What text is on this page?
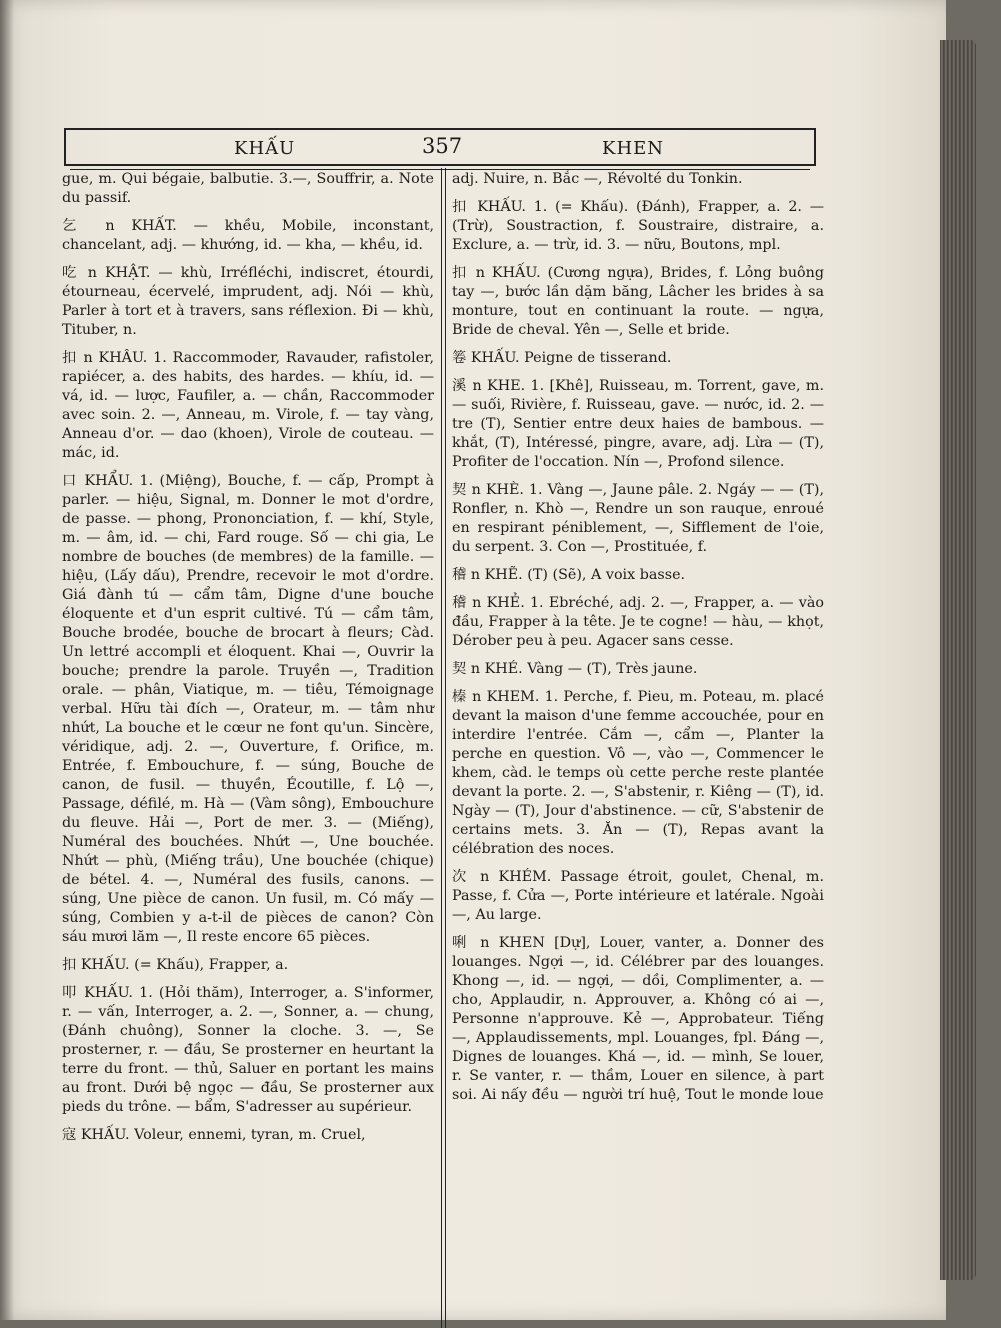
KHẤU	357	KHEN
gue, m. Qui bégaie, balbutie. 3.—, Souffrir, a. Note du passif.
乞 n KHẤT. — khều, Mobile, inconstant, chancelant, adj. — khướng, id. — kha, — khều, id.
吃 n KHẬT. — khù, Irréfléchi, indiscret, étourdi, étourneau, écervelé, imprudent, adj. Nói — khù, Parler à tort et à travers, sans réflexion. Đi — khù, Tituber, n.
扣 n KHÂU. 1. Raccommoder, Ravauder, rafistoler, rapiécer, a. des habits, des hardes. — khíu, id. — vá, id. — lược, Faufiler, a. — chần, Raccommoder avec soin. 2. —, Anneau, m. Virole, f. — tay vàng, Anneau d'or. — dao (khoen), Virole de couteau. — mác, id.
口 KHẨU. 1. (Miệng), Bouche, f. — cấp, Prompt à parler. — hiệu, Signal, m. Donner le mot d'ordre, de passe. — phong, Prononciation, f. — khí, Style, m. — âm, id. — chi, Fard rouge. Số — chi gia, Le nombre de bouches (de membres) de la famille. — hiệu, (Lấy dấu), Prendre, recevoir le mot d'ordre. Giá đành tú — cẩm tâm, Digne d'une bouche éloquente et d'un esprit cultivé. Tú — cẩm tâm, Bouche brodée, bouche de brocart à fleurs; Càd. Un lettré accompli et éloquent. Khai —, Ouvrir la bouche; prendre la parole. Truyền —, Tradition orale. — phân, Viatique, m. — tiêu, Témoignage verbal. Hữu tài đích —, Orateur, m. — tâm như nhứt, La bouche et le cœur ne font qu'un. Sincère, véridique, adj. 2. —, Ouverture, f. Orifice, m. Entrée, f. Embouchure, f. — súng, Bouche de canon, de fusil. — thuyền, Écoutille, f. Lộ —, Passage, défilé, m. Hà — (Vàm sông), Embouchure du fleuve. Hải —, Port de mer. 3. — (Miếng), Numéral des bouchées. Nhứt —, Une bouchée. Nhứt — phù, (Miếng trầu), Une bouchée (chique) de bétel. 4. —, Numéral des fusils, canons. — súng, Une pièce de canon. Un fusil, m. Có mấy — súng, Combien y a-t-il de pièces de canon? Còn sáu mươi lăm —, Il reste encore 65 pièces.
扣 KHẤU. (= Khấu), Frapper, a.
叩 KHẤU. 1. (Hỏi thăm), Interroger, a. S'informer, r. — vấn, Interroger, a. 2. —, Sonner, a. — chung, (Đánh chuông), Sonner la cloche. 3. —, Se prosterner, r. — đầu, Se prosterner en heurtant la terre du front. — thủ, Saluer en portant les mains au front. Dưới bệ ngọc — đầu, Se prosterner aux pieds du trône. — bẩm, S'adresser au supérieur.
寇 KHẤU. Voleur, ennemi, tyran, m. Cruel,
adj. Nuire, n. Bắc —, Révolté du Tonkin.
扣 KHẤU. 1. (= Khấu). (Đánh), Frapper, a. 2. — (Trừ), Soustraction, f. Soustraire, distraire, a. Exclure, a. — trừ, id. 3. — nữu, Boutons, mpl.
扣 n KHẤU. (Cương ngựa), Brides, f. Lỏng buông tay —, bước lần dặm băng, Lâcher les brides à sa monture, tout en continuant la route. — ngựa, Bride de cheval. Yên —, Selle et bride.
箞 KHẤU. Peigne de tisserand.
溪 n KHE. 1. [Khê], Ruisseau, m. Torrent, gave, m. — suối, Rivière, f. Ruisseau, gave. — nước, id. 2. — tre (T), Sentier entre deux haies de bambous. — khắt, (T), Intéressé, pingre, avare, adj. Lừa — (T), Profiter de l'occation. Nín —, Profond silence.
契 n KHÈ. 1. Vàng —, Jaune pâle. 2. Ngáy — — (T), Ronfler, n. Khò —, Rendre un son rauque, enroué en respirant péniblement, —, Sifflement de l'oie, du serpent. 3. Con —, Prostituée, f.
稽 n KHẼ. (T) (Sẽ), A voix basse.
稽 n KHẺ. 1. Ebréché, adj. 2. —, Frapper, a. — vào đầu, Frapper à la tête. Je te cogne! — hàu, — khọt, Dérober peu à peu. Agacer sans cesse.
契 n KHÉ. Vàng — (T), Très jaune.
榛 n KHEM. 1. Perche, f. Pieu, m. Poteau, m. placé devant la maison d'une femme accouchée, pour en interdire l'entrée. Cắm —, cẩm —, Planter la perche en question. Vô —, vào —, Commencer le khem, càd. le temps où cette perche reste plantée devant la porte. 2. —, S'abstenir, r. Kiêng — (T), id. Ngày — (T), Jour d'abstinence. — cữ, S'abstenir de certains mets. 3. Ăn — (T), Repas avant la célébration des noces.
次 n KHÉM. Passage étroit, goulet, Chenal, m. Passe, f. Cửa —, Porte intérieure et latérale. Ngoài —, Au large.
唎 n KHEN [Dự], Louer, vanter, a. Donner des louanges. Ngợi —, id. Célébrer par des louanges. Khong —, id. — ngợi, — dồi, Complimenter, a. — cho, Applaudir, n. Approuver, a. Không có ai —, Personne n'approuve. Kẻ —, Approbateur. Tiếng —, Applaudissements, mpl. Louanges, fpl. Đáng —, Dignes de louanges. Khá —, id. — mình, Se louer, r. Se vanter, r. — thầm, Louer en silence, à part soi. Ai nấy đều — người trí huệ, Tout le monde loue
